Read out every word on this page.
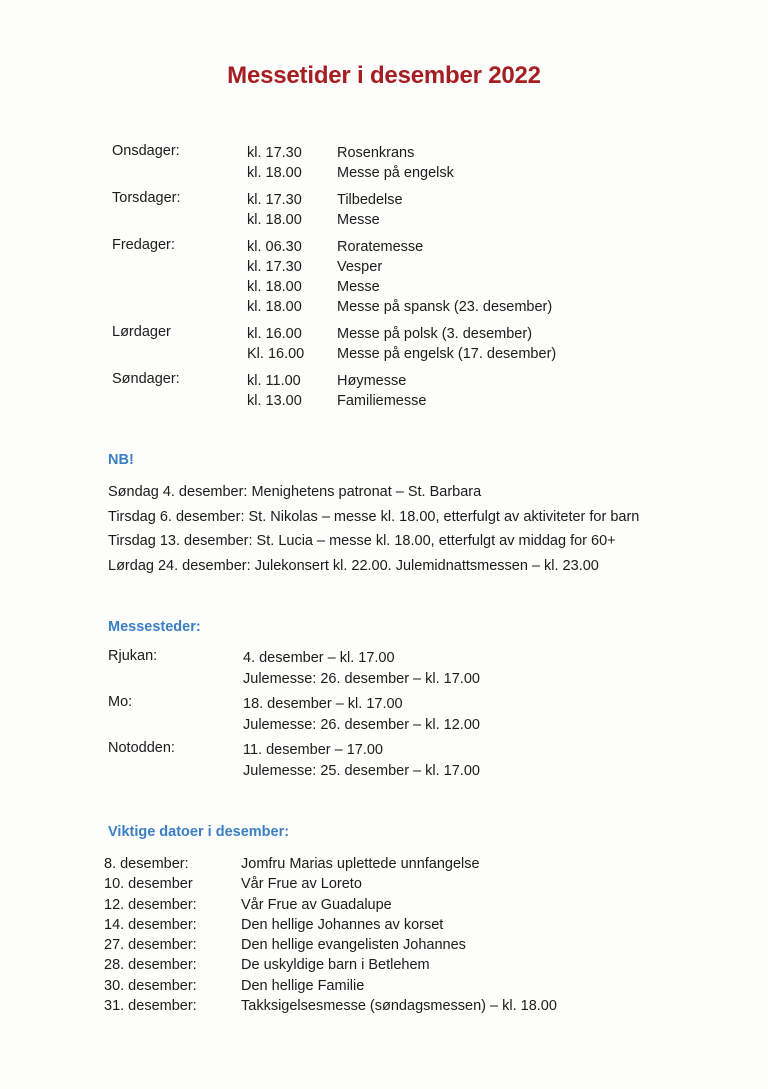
Messetider i desember 2022
Onsdager:	kl. 17.30 Rosenkrans
kl. 18.00 Messe på engelsk
Torsdager:	kl. 17.30 Tilbedelse
kl. 18.00 Messe
Fredager:	kl. 06.30 Roratemesse
kl. 17.30 Vesper
kl. 18.00 Messe
kl. 18.00 Messe på spansk (23. desember)
Lørdager	kl. 16.00 Messe på polsk (3. desember)
Kl. 16.00 Messe på engelsk (17. desember)
Søndager:	kl. 11.00	Høymesse
kl. 13.00 Familiemesse
NB!
Søndag 4. desember: Menighetens patronat – St. Barbara
Tirsdag 6. desember: St. Nikolas – messe kl. 18.00, etterfulgt av aktiviteter for barn
Tirsdag 13. desember: St. Lucia – messe kl. 18.00, etterfulgt av middag for 60+
Lørdag 24. desember: Julekonsert kl. 22.00. Julemidnattsmessen – kl. 23.00
Messesteder:
Rjukan:	4. desember – kl. 17.00
Julemesse: 26. desember – kl. 17.00
Mo:	18. desember – kl. 17.00
Julemesse: 26. desember – kl. 12.00
Notodden:	11. desember – 17.00
Julemesse: 25. desember – kl. 17.00
Viktige datoer i desember:
8. desember:	Jomfru Marias uplettede unnfangelse
10. desember	Vår Frue av Loreto
12. desember:	Vår Frue av Guadalupe
14. desember:	Den hellige Johannes av korset
27. desember:	Den hellige evangelisten Johannes
28. desember:	De uskyldige barn i Betlehem
30. desember:	Den hellige Familie
31. desember:	Takksigelsesmesse (søndagsmessen) – kl. 18.00
